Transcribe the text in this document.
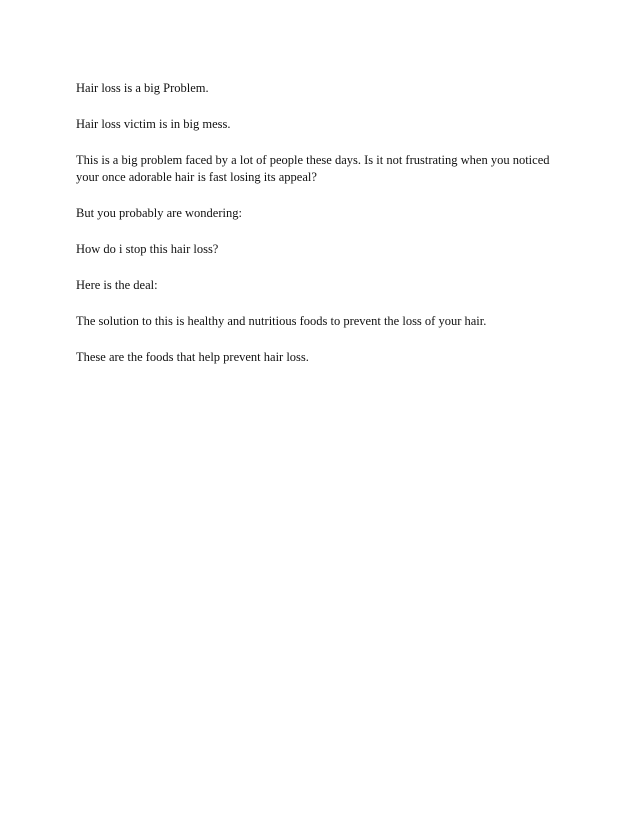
Hair loss is a big Problem.

Hair loss victim is in big mess.

This is a big problem faced by a lot of people these days. Is it not frustrating when you noticed your once adorable hair is fast losing its appeal?

But you probably are wondering:

How do i stop this hair loss?

Here is the deal:

The solution to this is healthy and nutritious foods to prevent the loss of your hair.

These are the foods that help prevent hair loss.
